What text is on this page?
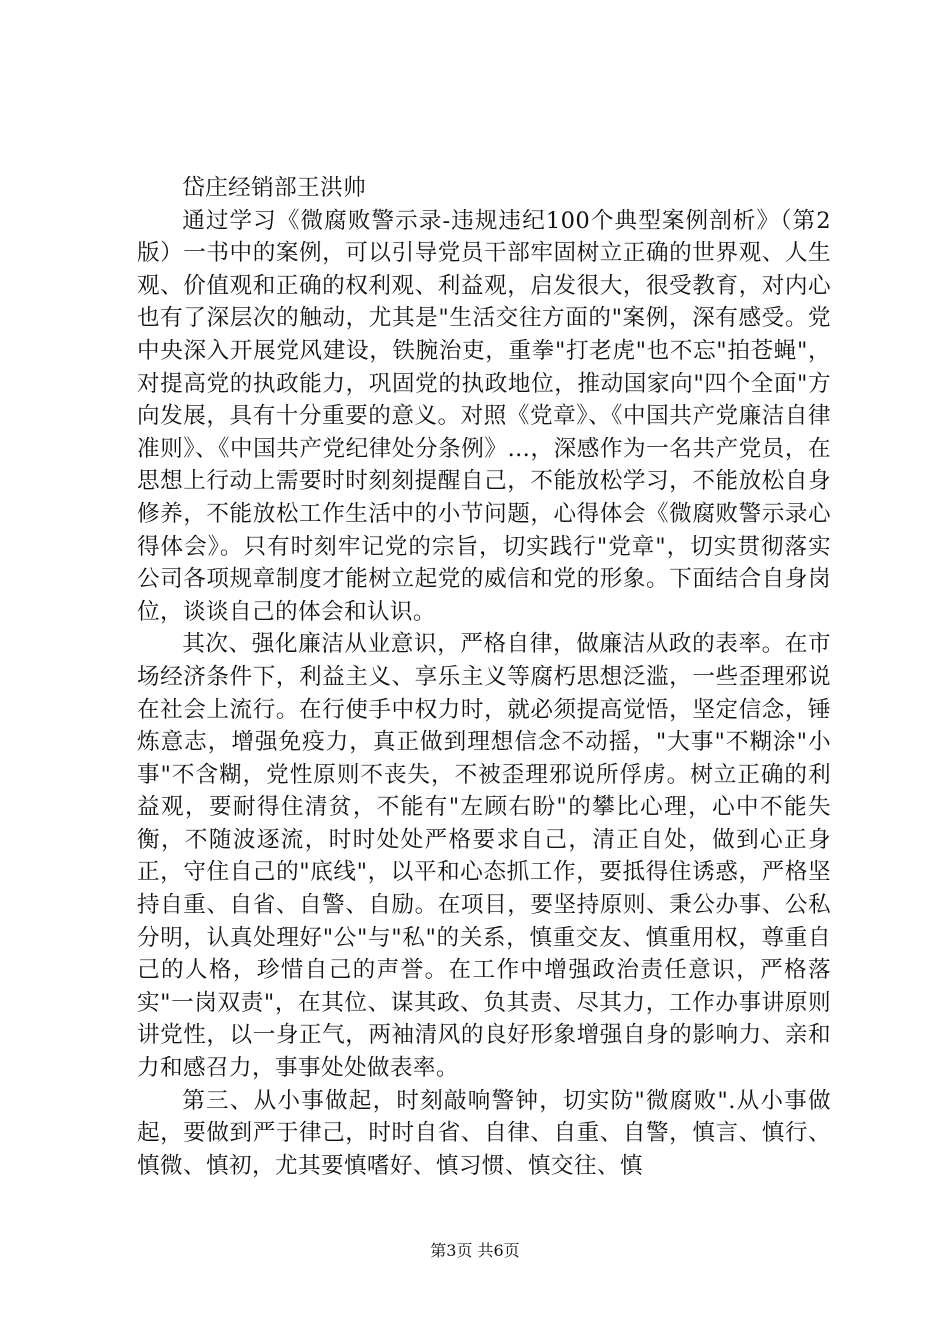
岱庄经销部王洪帅

通过学习《微腐败警示录-违规违纪100个典型案例剖析》（第2版）一书中的案例，可以引导党员干部牢固树立正确的世界观、人生观、价值观和正确的权利观、利益观，启发很大，很受教育，对内心也有了深层次的触动，尤其是"生活交往方面的"案例，深有感受。党中央深入开展党风建设，铁腕治吏，重拳"打老虎"也不忘"拍苍蝇"，对提高党的执政能力，巩固党的执政地位，推动国家向"四个全面"方向发展，具有十分重要的意义。对照《党章》、《中国共产党廉洁自律准则》、《中国共产党纪律处分条例》…，深感作为一名共产党员，在思想上行动上需要时时刻刻提醒自己，不能放松学习，不能放松自身修养，不能放松工作生活中的小节问题，心得体会《微腐败警示录心得体会》。只有时刻牢记党的宗旨，切实践行"党章"，切实贯彻落实公司各项规章制度才能树立起党的威信和党的形象。下面结合自身岗位，谈谈自己的体会和认识。

其次、强化廉洁从业意识，严格自律，做廉洁从政的表率。在市场经济条件下，利益主义、享乐主义等腐朽思想泛滥，一些歪理邪说在社会上流行。在行使手中权力时，就必须提高觉悟，坚定信念，锤炼意志，增强免疫力，真正做到理想信念不动摇，"大事"不糊涂"小事"不含糊，党性原则不丧失，不被歪理邪说所俘虏。树立正确的利益观，要耐得住清贫，不能有"左顾右盼"的攀比心理，心中不能失衡，不随波逐流，时时处处严格要求自己，清正自处，做到心正身正，守住自己的"底线"，以平和心态抓工作，要抵得住诱惑，严格坚持自重、自省、自警、自励。在项目，要坚持原则、秉公办事、公私分明，认真处理好"公"与"私"的关系，慎重交友、慎重用权，尊重自己的人格，珍惜自己的声誉。在工作中增强政治责任意识，严格落实"一岗双责"，在其位、谋其政、负其责、尽其力，工作办事讲原则讲党性，以一身正气，两袖清风的良好形象增强自身的影响力、亲和力和感召力，事事处处做表率。

第三、从小事做起，时刻敲响警钟，切实防"微腐败".从小事做起，要做到严于律己，时时自省、自律、自重、自警，慎言、慎行、慎微、慎初，尤其要慎嗜好、慎习惯、慎交往、慎

第3页 共6页
